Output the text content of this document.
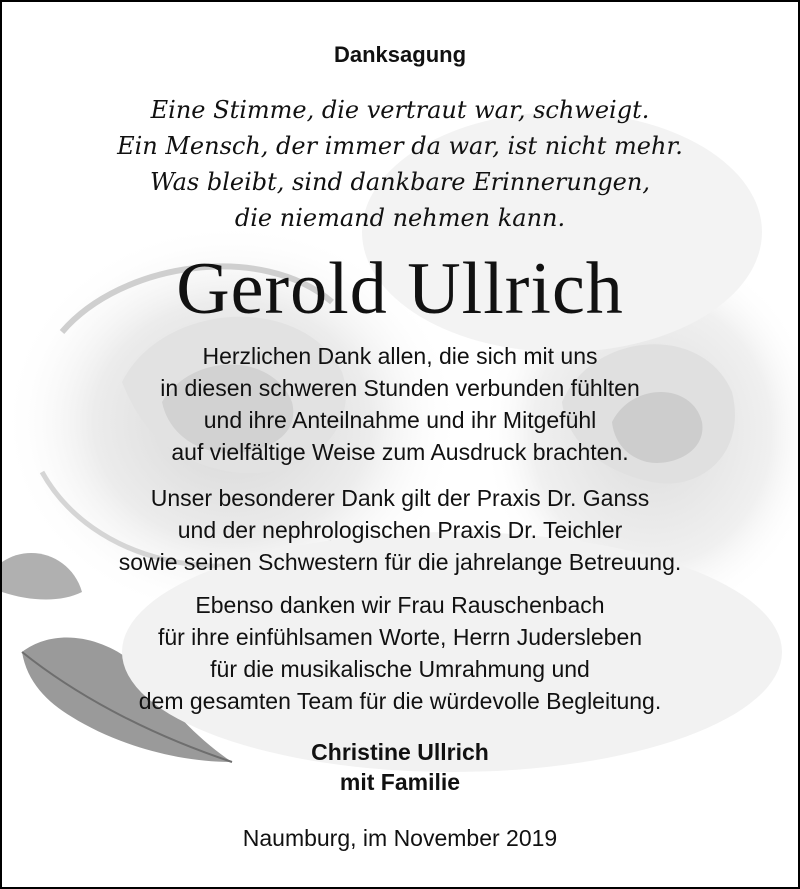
Danksagung
Eine Stimme, die vertraut war, schweigt.
Ein Mensch, der immer da war, ist nicht mehr.
Was bleibt, sind dankbare Erinnerungen,
die niemand nehmen kann.
Gerold Ullrich
Herzlichen Dank allen, die sich mit uns
in diesen schweren Stunden verbunden fühlten
und ihre Anteilnahme und ihr Mitgefühl
auf vielfältige Weise zum Ausdruck brachten.
Unser besonderer Dank gilt der Praxis Dr. Ganss
und der nephrologischen Praxis Dr. Teichler
sowie seinen Schwestern für die jahrelange Betreuung.
Ebenso danken wir Frau Rauschenbach
für ihre einfühlsamen Worte, Herrn Judersleben
für die musikalische Umrahmung und
dem gesamten Team für die würdevolle Begleitung.
Christine Ullrich
mit Familie
Naumburg, im November 2019
